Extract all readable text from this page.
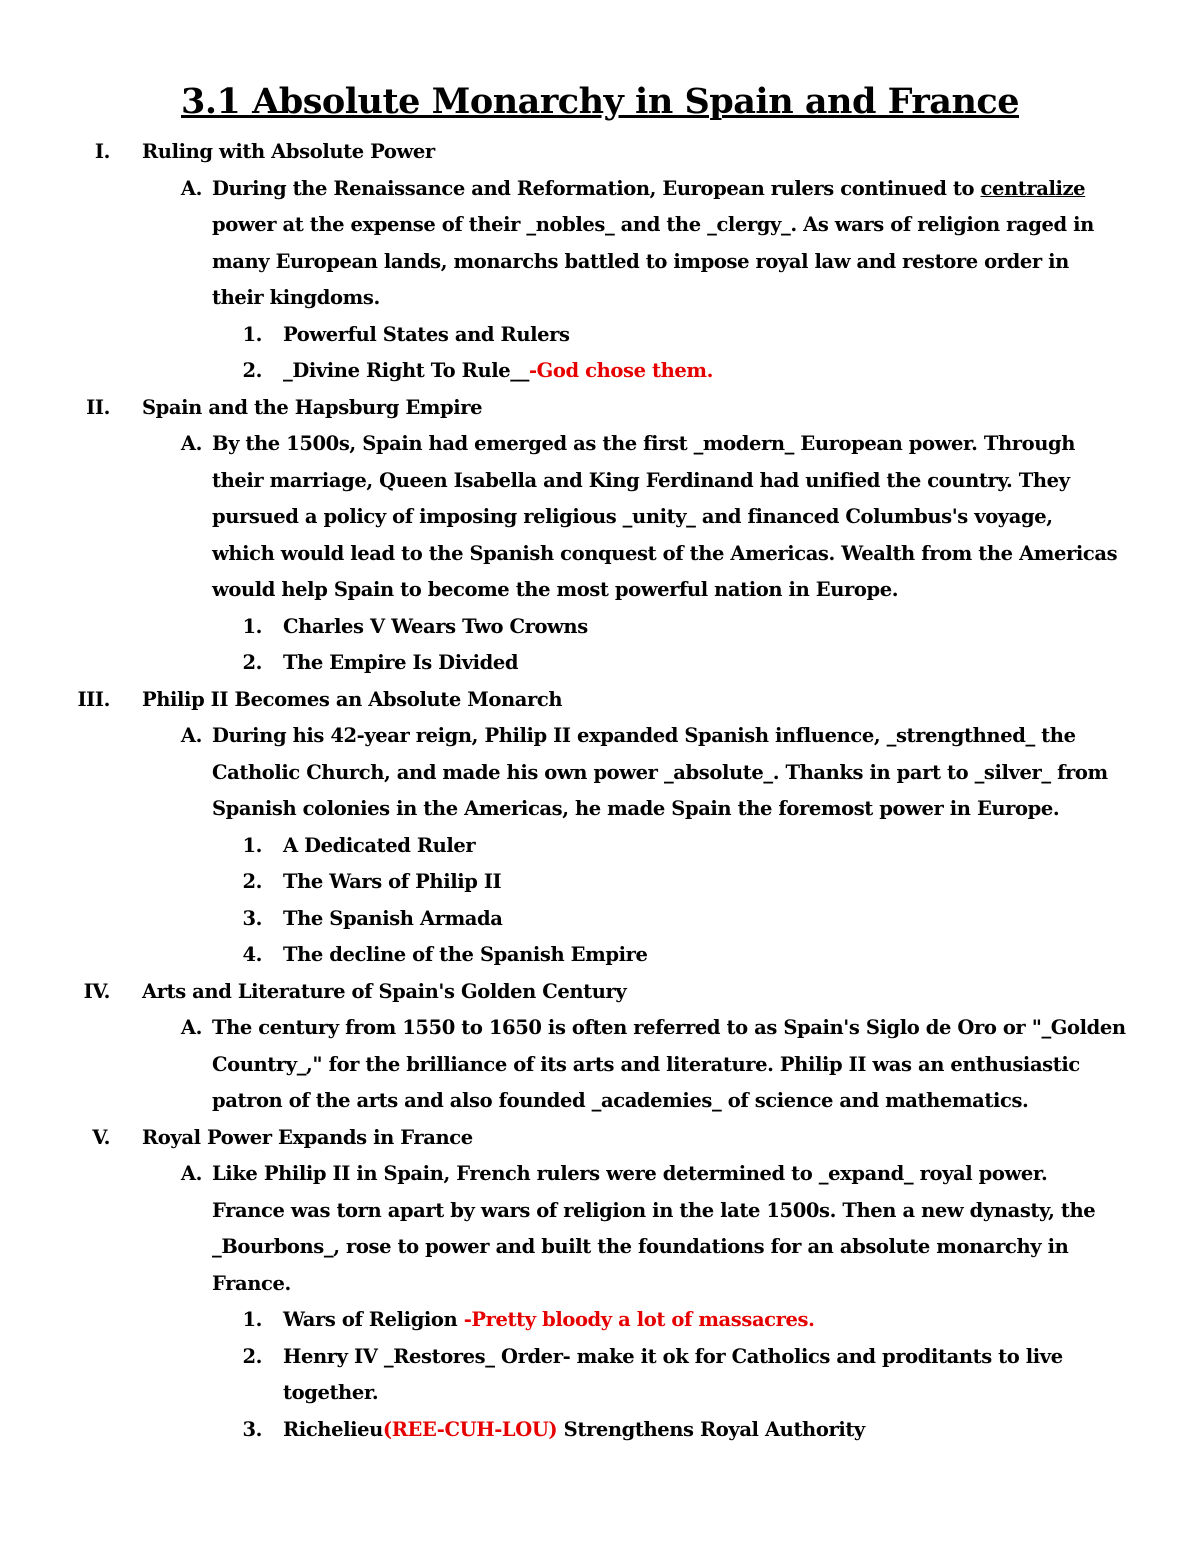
3.1 Absolute Monarchy in Spain and France
I. Ruling with Absolute Power
A. During the Renaissance and Reformation, European rulers continued to centralize
power at the expense of their _nobles_ and the _clergy_. As wars of religion raged in
many European lands, monarchs battled to impose royal law and restore order in
their kingdoms.
1. Powerful States and Rulers
2. _Divine Right To Rule__-God chose them.
II. Spain and the Hapsburg Empire
A. By the 1500s, Spain had emerged as the first _modern_ European power. Through
their marriage, Queen Isabella and King Ferdinand had unified the country. They
pursued a policy of imposing religious _unity_ and financed Columbus's voyage,
which would lead to the Spanish conquest of the Americas. Wealth from the Americas
would help Spain to become the most powerful nation in Europe.
1. Charles V Wears Two Crowns
2. The Empire Is Divided
III. Philip II Becomes an Absolute Monarch
A. During his 42-year reign, Philip II expanded Spanish influence, _strengthned_ the
Catholic Church, and made his own power _absolute_. Thanks in part to _silver_ from
Spanish colonies in the Americas, he made Spain the foremost power in Europe.
1. A Dedicated Ruler
2. The Wars of Philip II
3. The Spanish Armada
4. The decline of the Spanish Empire
IV. Arts and Literature of Spain's Golden Century
A. The century from 1550 to 1650 is often referred to as Spain's Siglo de Oro or "_Golden
Country_," for the brilliance of its arts and literature. Philip II was an enthusiastic
patron of the arts and also founded _academies_ of science and mathematics.
V. Royal Power Expands in France
A. Like Philip II in Spain, French rulers were determined to _expand_ royal power.
France was torn apart by wars of religion in the late 1500s. Then a new dynasty, the
_Bourbons_, rose to power and built the foundations for an absolute monarchy in
France.
1. Wars of Religion -Pretty bloody a lot of massacres.
2. Henry IV _Restores_ Order- make it ok for Catholics and proditants to live
together.
3. Richelieu(REE-CUH-LOU) Strengthens Royal Authority
